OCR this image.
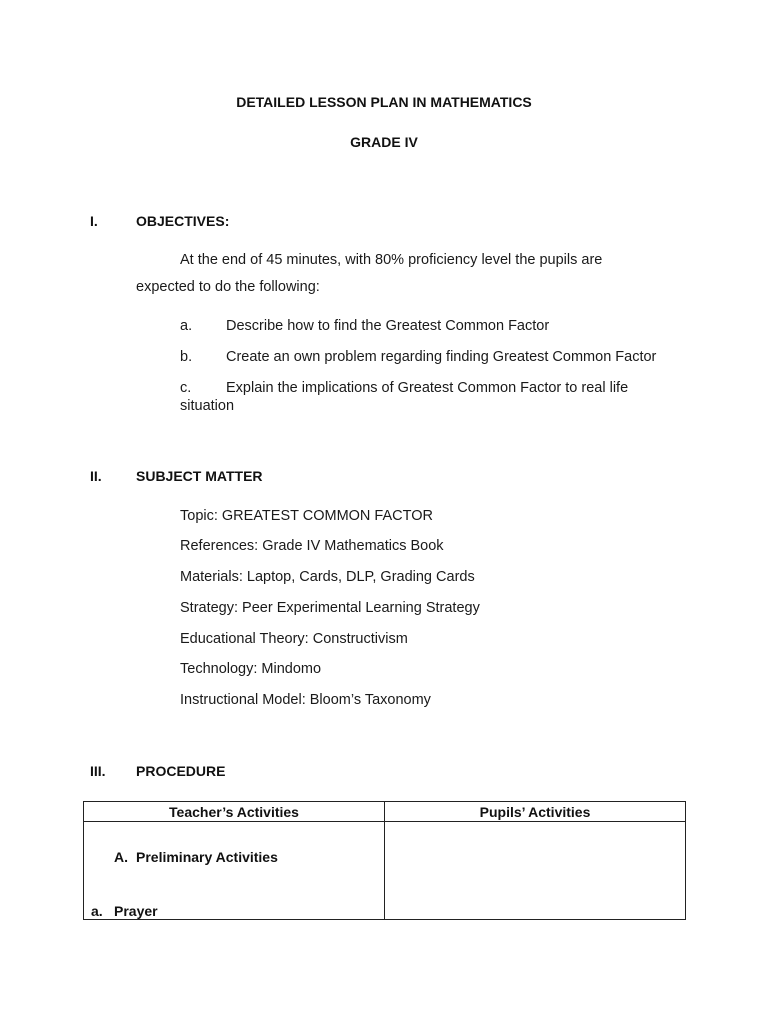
DETAILED LESSON PLAN IN MATHEMATICS
GRADE IV
I.	OBJECTIVES:
At the end of 45 minutes, with 80% proficiency level the pupils are
expected to do the following:
a. Describe how to find the Greatest Common Factor
b. Create an own problem regarding finding Greatest Common Factor
c. Explain the implications of Greatest Common Factor to real life
situation
II. SUBJECT MATTER
Topic: GREATEST COMMON FACTOR
References: Grade IV Mathematics Book
Materials: Laptop, Cards, DLP, Grading Cards
Strategy: Peer Experimental Learning Strategy
Educational Theory: Constructivism
Technology: Mindomo
Instructional Model: Bloom’s Taxonomy
III. PROCEDURE
Teacher’s Activities	Pupils’ Activities
A. Preliminary Activities
a. Prayer
